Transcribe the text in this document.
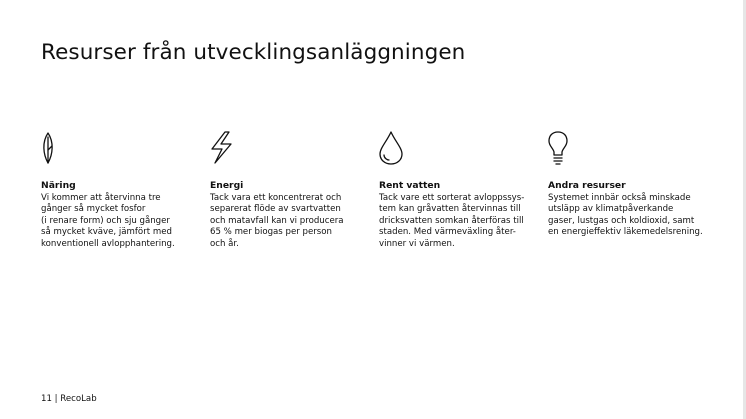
Resurser från utvecklingsanläggningen
Näring

Vi kommer att återvinna tre
gånger så mycket fosfor
(i renare form) och sju gånger
så mycket kväve, jämfört med
konventionell avlopphantering.

Energi

Tack vara ett koncentrerat och
separerat flöde av svartvatten
och matavfall kan vi producera
65 % mer biogas per person
och år.

Rent vatten

Tack vare ett sorterat avloppssys-
tem kan gråvatten återvinnas till
dricksvatten somkan återföras till
staden. Med värmeväxling åter-
vinner vi värmen.

Andra resurser

Systemet innbär också minskade
utsläpp av klimatpåverkande
gaser, lustgas och koldioxid, samt
en energieffektiv läkemedelsrening.

11 | RecoLab
